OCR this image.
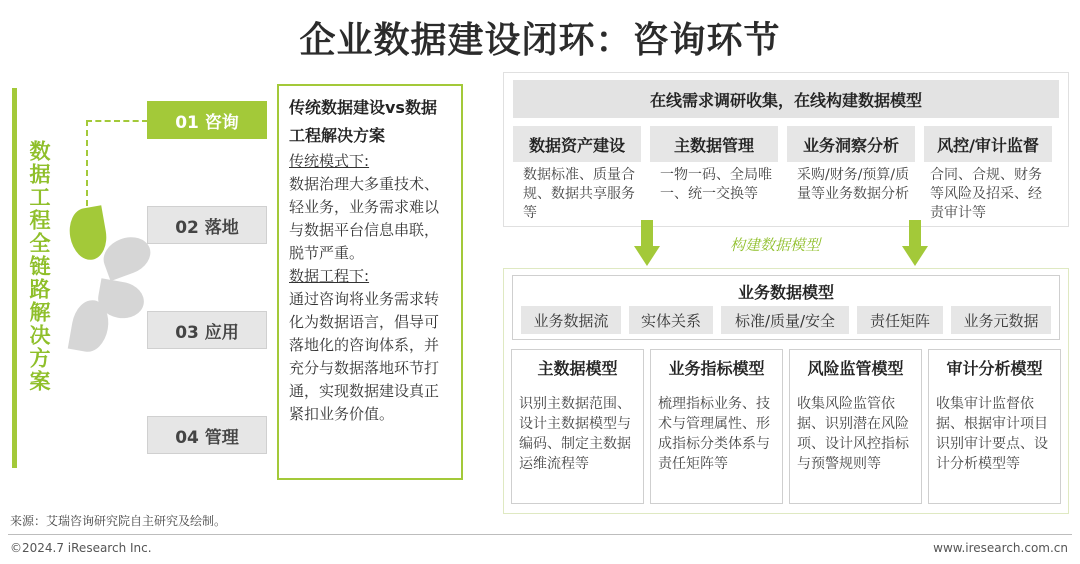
企业数据建设闭环：咨询环节
数据工程全链路解决方案
01 咨询
02 落地
03 应用
04 管理
传统数据建设vs数据工程解决方案
传统模式下:
数据治理大多重技术、轻业务，业务需求难以与数据平台信息串联，脱节严重。
数据工程下:
通过咨询将业务需求转化为数据语言，倡导可落地化的咨询体系，并充分与数据落地环节打通，实现数据建设真正紧扣业务价值。
在线需求调研收集，在线构建数据模型
数据资产建设	主数据管理	业务洞察分析	风控/审计监督
数据标准、质量合规、数据共享服务等
一物一码、全局唯一、统一交换等
采购/财务/预算/质量等业务数据分析
合同、合规、财务等风险及招采、经责审计等
构建数据模型
业务数据模型
业务数据流	实体关系	标准/质量/安全	责任矩阵	业务元数据
主数据模型	业务指标模型	风险监管模型	审计分析模型
识别主数据范围、设计主数据模型与编码、制定主数据运维流程等
梳理指标业务、技术与管理属性、形成指标分类体系与责任矩阵等
收集风险监管依据、识别潜在风险项、设计风控指标与预警规则等
收集审计监督依据、根据审计项目识别审计要点、设计分析模型等
来源：艾瑞咨询研究院自主研究及绘制。
©2024.7 iResearch Inc.	www.iresearch.com.cn
